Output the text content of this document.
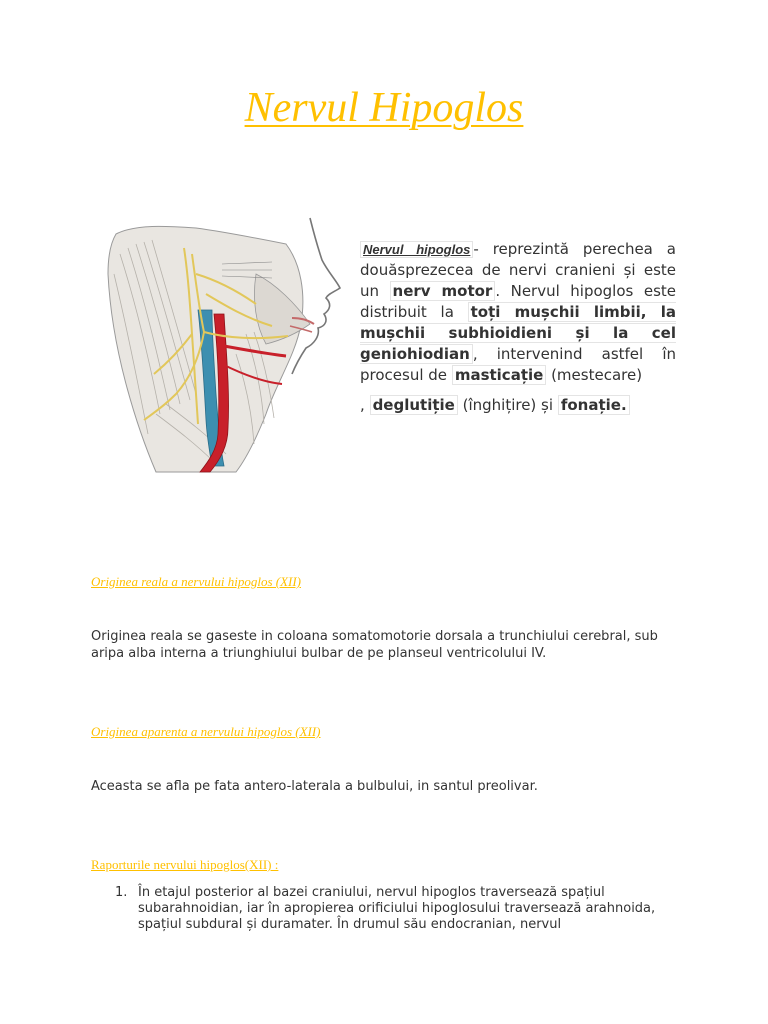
Nervul Hipoglos

Nervul hipoglos - reprezintă perechea a douăsprezecea de nervi cranieni și este un nerv motor . Nervul hipoglos este distribuit la toți mușchii limbii, la mușchii subhioidieni și la cel geniohiodian , intervenind astfel în procesul de masticație (mestecare)
, deglutiție (înghițire) și fonație.

Originea reala a nervului hipoglos (XII)

Originea reala se gaseste in coloana somatomotorie dorsala a trunchiului cerebral, sub aripa alba interna a triunghiului bulbar de pe planseul ventricolului IV.

Originea aparenta a nervului hipoglos (XII)

Aceasta se afla pe fata antero-laterala a bulbului, in santul preolivar.

Raporturile nervului hipoglos(XII) :

1. În etajul posterior al bazei craniului, nervul hipoglos traversează spațiul subarahnoidian, iar în apropierea orificiului hipoglosului traversează arahnoida, spațiul subdural și duramater. În drumul său endocranian, nervul
